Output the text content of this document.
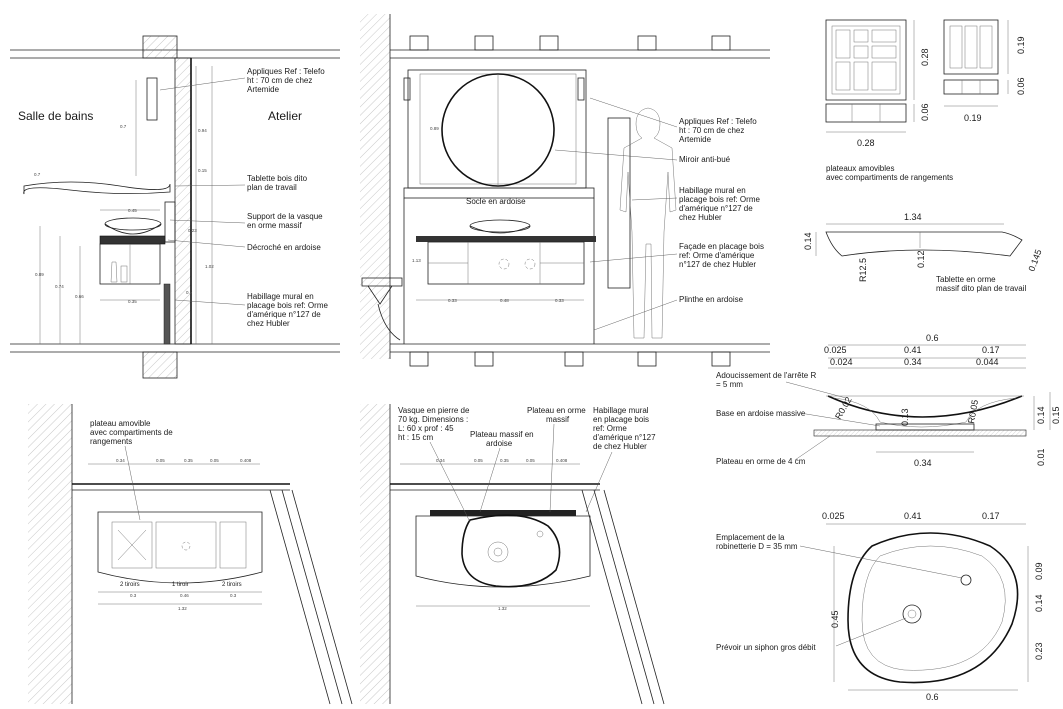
0.7
0.45
0.35
0.7
0.94
0.15
1.02
0.89
0.74
0.66
0.23
0.7
Salle de bains	Atelier
Appliques Ref : Telefo
ht : 70 cm de chez
Artemide
Tablette bois dito
plan de travail
Support de la vasque
en orme massif
Décroché en ardoise
Habillage mural en
placage bois ref: Orme
d'amérique n°127 de
chez Hubler
0.33	0.48	0.33
1.13
0.89
Socle en ardoise
Appliques Ref : Telefo
ht : 70 cm de chez
Artemide
Miroir anti-bué
Habillage mural en
placage bois ref: Orme
d'amérique n°127 de
chez Hubler
Façade en placage bois
ref: Orme d'amérique
n°127 de chez Hubler
Plinthe en ardoise
0.28
0.28
0.06
0.19
0.06
0.19
plateaux amovibles
avec compartiments de rangements
1.34
0.14
0.12
R12.5	0.145
Tablette en orme
massif dito plan de travail
0.6
0.025	0.41	0.17
0.024	0.34	0.044
R0.02	R0.05
0.13	0.14 0.15
0.34	0.01
Adoucissement de l'arrête R
= 5 mm
Base en ardoise massive
Plateau en orme de 4 cm
0.025	0.41	0.17
0.09
0.14
0.23
0.45
0.6
Emplacement de la
robinetterie D = 35 mm
Prévoir un siphon gros débit
0.34	0.05	0.35	0.05	0.408
0.3	0.46	0.3
1.32
plateau amovible
avec compartiments de
rangements
2 tiroirs	1 tiroir	2 tiroirs
0.34	0.05	0.35	0.05	0.408
1.32
Vasque en pierre de
70 kg. Dimensions :
L: 60 x prof : 45
ht : 15 cm	Plateau massif en
ardoise
Plateau en orme
massif
Habillage mural
en placage bois
ref: Orme
d'amérique n°127
de chez Hubler
